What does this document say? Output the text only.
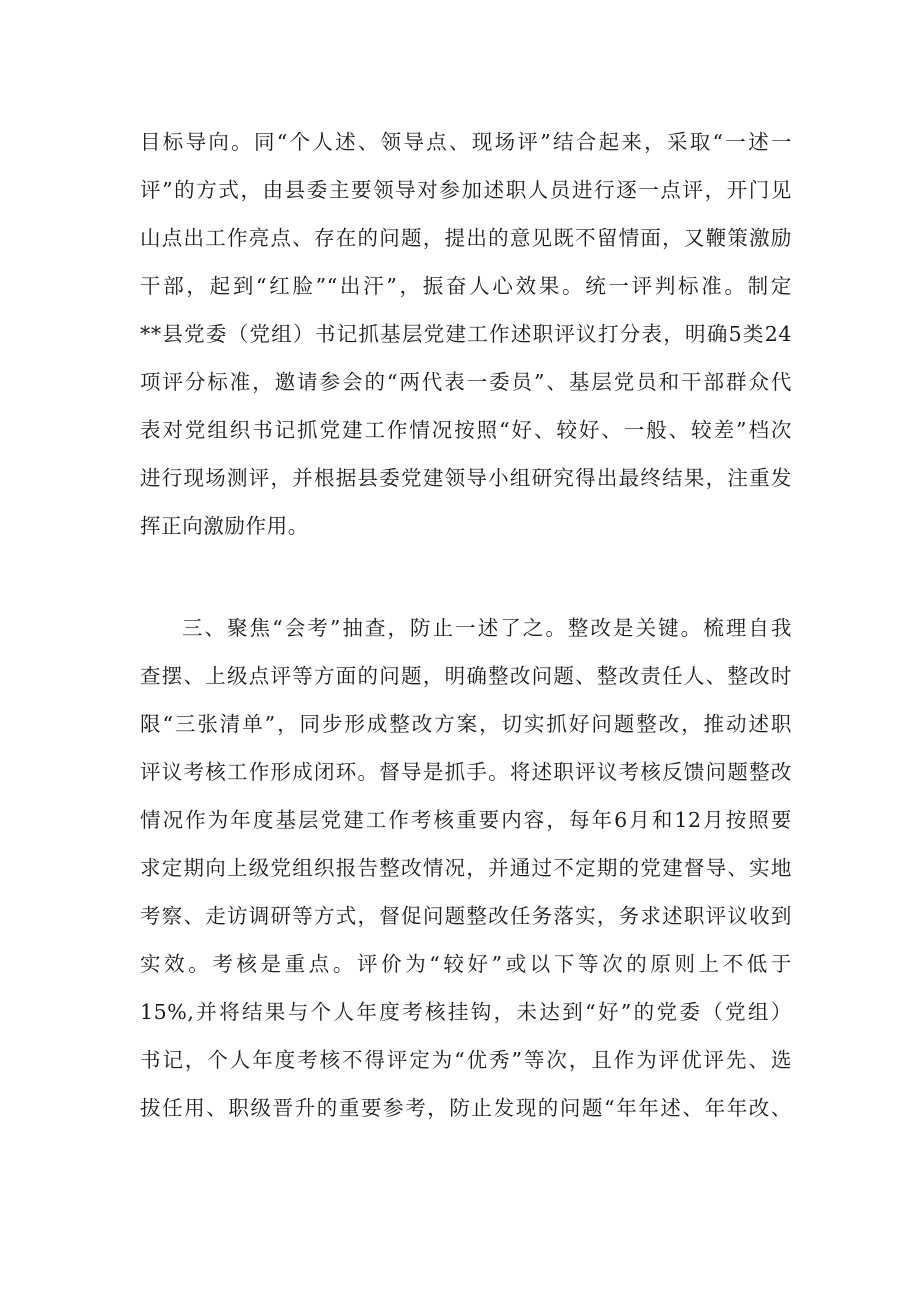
目标导向。同“个人述、领导点、现场评”结合起来，采取“一述一
评”的方式，由县委主要领导对参加述职人员进行逐一点评，开门见
山点出工作亮点、存在的问题，提出的意见既不留情面，又鞭策激励
干部，起到“红脸”“出汗”，振奋人心效果。统一评判标准。制定
**县党委（党组）书记抓基层党建工作述职评议打分表，明确5类24
项评分标准，邀请参会的“两代表一委员”、基层党员和干部群众代
表对党组织书记抓党建工作情况按照“好、较好、一般、较差”档次
进行现场测评，并根据县委党建领导小组研究得出最终结果，注重发
挥正向激励作用。
三、聚焦“会考”抽查，防止一述了之。整改是关键。梳理自我
查摆、上级点评等方面的问题，明确整改问题、整改责任人、整改时
限“三张清单”，同步形成整改方案，切实抓好问题整改，推动述职
评议考核工作形成闭环。督导是抓手。将述职评议考核反馈问题整改
情况作为年度基层党建工作考核重要内容，每年6月和12月按照要
求定期向上级党组织报告整改情况，并通过不定期的党建督导、实地
考察、走访调研等方式，督促问题整改任务落实，务求述职评议收到
实效。考核是重点。评价为“较好”或以下等次的原则上不低于
15%,并将结果与个人年度考核挂钩，未达到“好”的党委（党组）
书记，个人年度考核不得评定为“优秀”等次，且作为评优评先、选
拔任用、职级晋升的重要参考，防止发现的问题“年年述、年年改、
